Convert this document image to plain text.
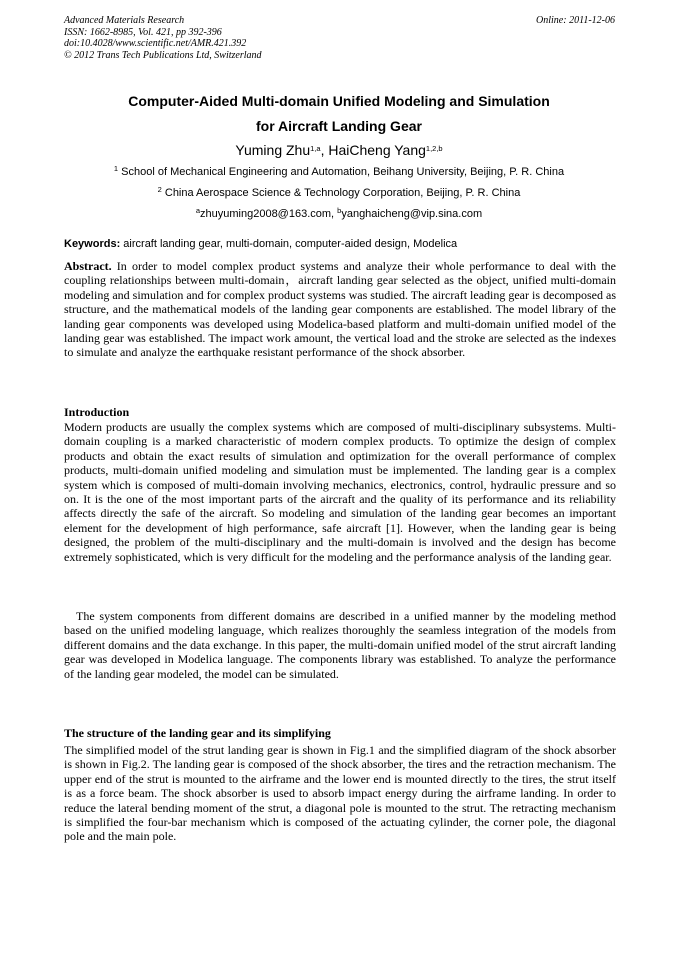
Advanced Materials Research
ISSN: 1662-8985, Vol. 421, pp 392-396
doi:10.4028/www.scientific.net/AMR.421.392
© 2012 Trans Tech Publications Ltd, Switzerland
Online: 2011-12-06
Computer-Aided Multi-domain Unified Modeling and Simulation
for Aircraft Landing Gear
Yuming Zhu$^{1,a}$, HaiCheng Yang$^{1,2,b}$
$^1$ School of Mechanical Engineering and Automation, Beihang University, Beijing, P. R. China
$^2$ China Aerospace Science & Technology Corporation, Beijing, P. R. China
$^a$zhuyuming2008@163.com, $^b$yanghaicheng@vip.sina.com
Keywords: aircraft landing gear, multi-domain, computer-aided design, Modelica
Abstract. In order to model complex product systems and analyze their whole performance to deal with the coupling relationships between multi-domain，aircraft landing gear selected as the object, unified multi-domain modeling and simulation and for complex product systems was studied. The aircraft leading gear is decomposed as structure, and the mathematical models of the landing gear components are established. The model library of the landing gear components was developed using Modelica-based platform and multi-domain unified model of the landing gear was established. The impact work amount, the vertical load and the stroke are selected as the indexes to simulate and analyze the earthquake resistant performance of the shock absorber.
Introduction
Modern products are usually the complex systems which are composed of multi-disciplinary subsystems. Multi-domain coupling is a marked characteristic of modern complex products. To optimize the design of complex products and obtain the exact results of simulation and optimization for the overall performance of complex products, multi-domain unified modeling and simulation must be implemented. The landing gear is a complex system which is composed of multi-domain involving mechanics, electronics, control, hydraulic pressure and so on. It is the one of the most important parts of the aircraft and the quality of its performance and its reliability affects directly the safe of the aircraft. So modeling and simulation of the landing gear becomes an important element for the development of high performance, safe aircraft [1]. However, when the landing gear is being designed, the problem of the multi-disciplinary and the multi-domain is involved and the design has become extremely sophisticated, which is very difficult for the modeling and the performance analysis of the landing gear.
The system components from different domains are described in a unified manner by the modeling method based on the unified modeling language, which realizes thoroughly the seamless integration of the models from different domains and the data exchange. In this paper, the multi-domain unified model of the strut aircraft landing gear was developed in Modelica language. The components library was established. To analyze the performance of the landing gear modeled, the model can be simulated.
The structure of the landing gear and its simplifying
The simplified model of the strut landing gear is shown in Fig.1 and the simplified diagram of the shock absorber is shown in Fig.2. The landing gear is composed of the shock absorber, the tires and the retraction mechanism. The upper end of the strut is mounted to the airframe and the lower end is mounted directly to the tires, the strut itself is as a force beam. The shock absorber is used to absorb impact energy during the airframe landing. In order to reduce the lateral bending moment of the strut, a diagonal pole is mounted to the strut. The retracting mechanism is simplified the four-bar mechanism which is composed of the actuating cylinder, the corner pole, the diagonal pole and the main pole.
